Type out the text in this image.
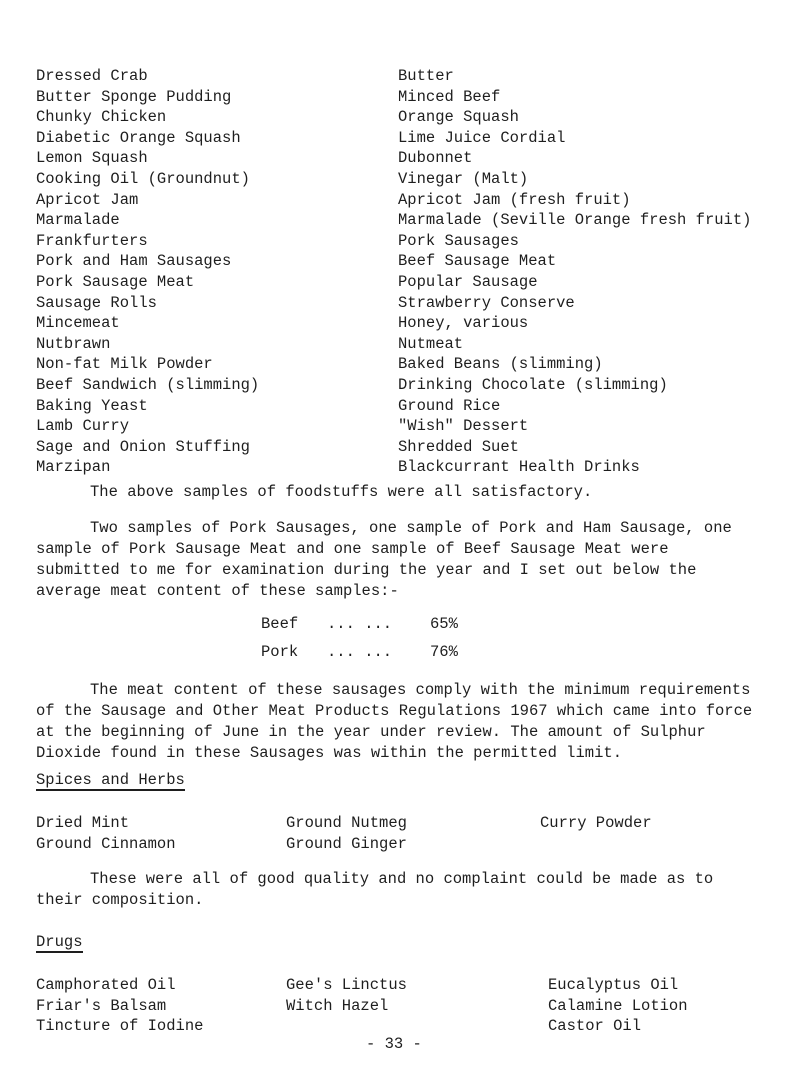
Dressed Crab
Butter Sponge Pudding
Chunky Chicken
Diabetic Orange Squash
Lemon Squash
Cooking Oil (Groundnut)
Apricot Jam
Marmalade
Frankfurters
Pork and Ham Sausages
Pork Sausage Meat
Sausage Rolls
Mincemeat
Nutbrawn
Non-fat Milk Powder
Beef Sandwich (slimming)
Baking Yeast
Lamb Curry
Sage and Onion Stuffing
Marzipan
Butter
Minced Beef
Orange Squash
Lime Juice Cordial
Dubonnet
Vinegar (Malt)
Apricot Jam (fresh fruit)
Marmalade (Seville Orange fresh fruit)
Pork Sausages
Beef Sausage Meat
Popular Sausage
Strawberry Conserve
Honey, various
Nutmeat
Baked Beans (slimming)
Drinking Chocolate (slimming)
Ground Rice
"Wish" Dessert
Shredded Suet
Blackcurrant Health Drinks
The above samples of foodstuffs were all satisfactory.
Two samples of Pork Sausages, one sample of Pork and Ham Sausage, one sample of Pork Sausage Meat and one sample of Beef Sausage Meat were submitted to me for examination during the year and I set out below the average meat content of these samples:-
Beef ... ... 65%
Pork ... ... 76%
The meat content of these sausages comply with the minimum requirements of the Sausage and Other Meat Products Regulations 1967 which came into force at the beginning of June in the year under review. The amount of Sulphur Dioxide found in these Sausages was within the permitted limit.
Spices and Herbs
Dried Mint
Ground Cinnamon
Ground Nutmeg
Ground Ginger
Curry Powder
These were all of good quality and no complaint could be made as to their composition.
Drugs
Camphorated Oil
Friar's Balsam
Tincture of Iodine
Gee's Linctus
Witch Hazel
Eucalyptus Oil
Calamine Lotion
Castor Oil
- 33 -
